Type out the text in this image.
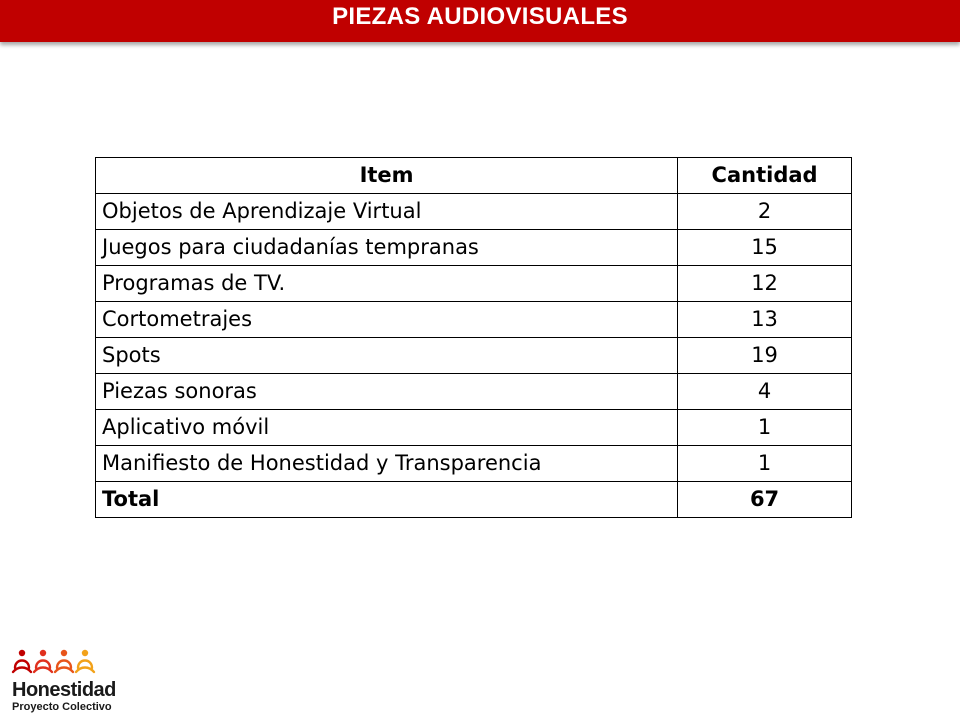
PIEZAS AUDIOVISUALES
Item	Cantidad
Objetos de Aprendizaje Virtual	2
Juegos para ciudadanías tempranas	15
Programas de TV.	12
Cortometrajes	13
Spots	19
Piezas sonoras	4
Aplicativo móvil	1
Manifiesto de Honestidad y Transparencia	1
Total	67
Honestidad
Proyecto Colectivo
